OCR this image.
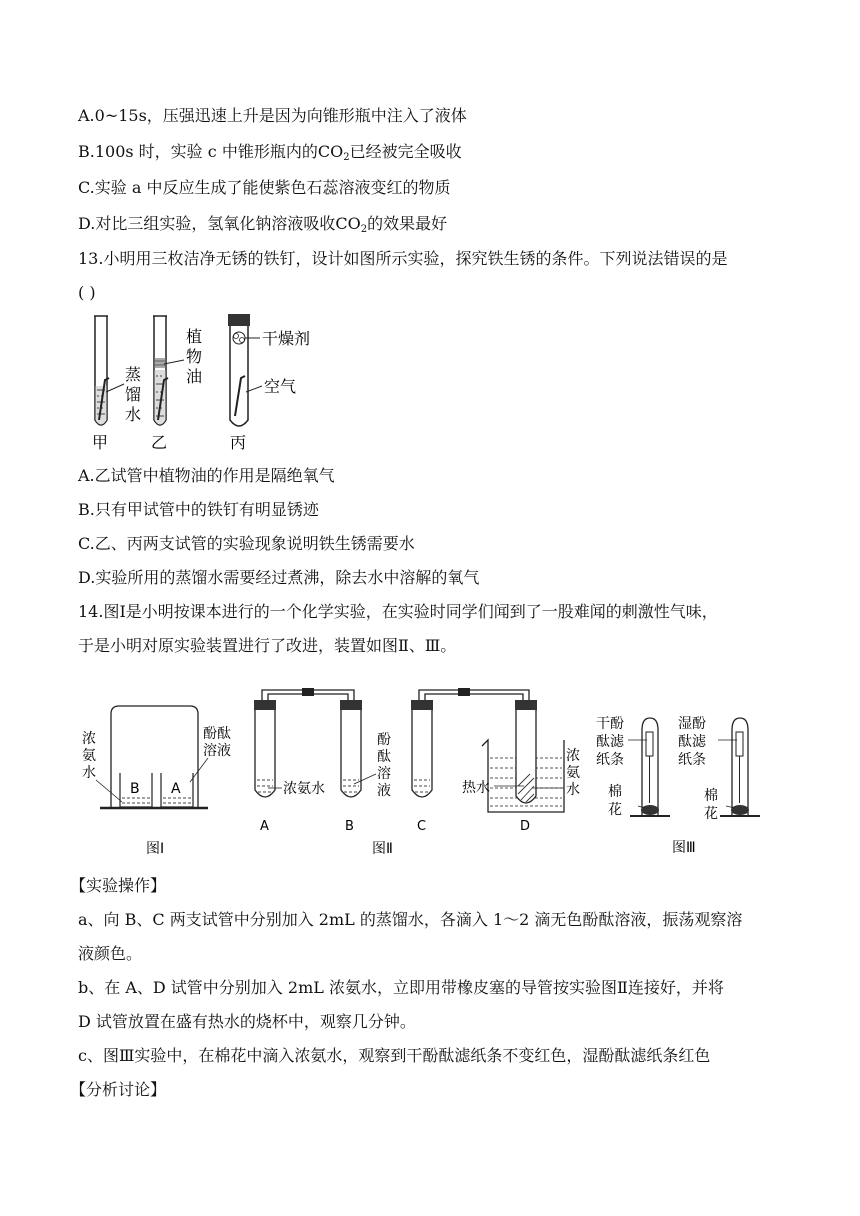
A.0~15s，压强迅速上升是因为向锥形瓶中注入了液体
B.100s 时，实验 c 中锥形瓶内的$CO_2$已经被完全吸收
C.实验 a 中反应生成了能使紫色石蕊溶液变红的物质
D.对比三组实验，氢氧化钠溶液吸收$CO_2$的效果最好
13.小明用三枚洁净无锈的铁钉，设计如图所示实验，探究铁生锈的条件。下列说法错误的是
( )
蒸
馏
水
植
物
油
干燥剂
空气
甲	乙	丙
A.乙试管中植物油的作用是隔绝氧气
B.只有甲试管中的铁钉有明显锈迹
C.乙、丙两支试管的实验现象说明铁生锈需要水
D.实验所用的蒸馏水需要经过煮沸，除去水中溶解的氧气
14.图Ⅰ是小明按课本进行的一个化学实验，在实验时同学们闻到了一股难闻的刺激性气味，
于是小明对原实验装置进行了改进，装置如图Ⅱ、Ⅲ。
B A
浓
氨
水
酚酞
溶液
图Ⅰ
浓氨水
酚
酞
溶
液	热水
浓
氨
水
A	B	C	D
图Ⅱ
干酚
酞滤
纸条
棉
花
湿酚
酞滤
纸条
棉
花
图Ⅲ
【实验操作】
a、向 B、C 两支试管中分别加入 2mL 的蒸馏水，各滴入 1～2 滴无色酚酞溶液，振荡观察溶
液颜色。
b、在 A、D 试管中分别加入 2mL 浓氨水，立即用带橡皮塞的导管按实验图Ⅱ连接好，并将
D 试管放置在盛有热水的烧杯中，观察几分钟。
c、图Ⅲ实验中，在棉花中滴入浓氨水，观察到干酚酞滤纸条不变红色，湿酚酞滤纸条红色
【分析讨论】
